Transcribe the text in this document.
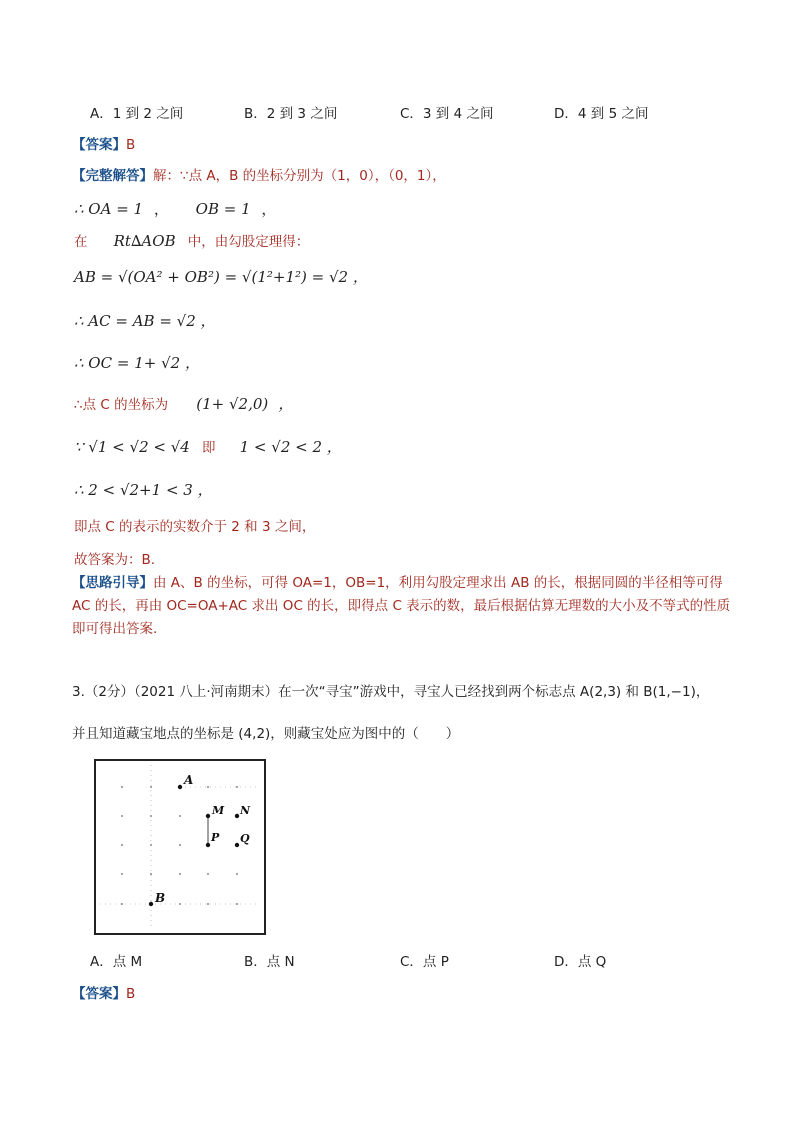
A．1 到 2 之间	B．2 到 3 之间	C．3 到 4 之间	D．4 到 5 之间
【答案】B
【完整解答】解：∵点 A，B 的坐标分别为（1，0），（0，1），
∴ OA = 1 ， OB = 1 ，
在 Rt∆AOB 中，由勾股定理得：
AB = √(OA² + OB²) = √(1²+1²) = √2 ，
∴ AC = AB = √2 ，
∴ OC = 1+ √2 ，
∴点 C 的坐标为 (1+ √2,0) ，
∵ √1 < √2 < √4 即 1 < √2 < 2 ，
∴ 2 < √2+1 < 3 ，
即点 C 的表示的实数介于 2 和 3 之间，
故答案为：B.
【思路引导】由 A、B 的坐标，可得 OA=1，OB=1，利用勾股定理求出 AB 的长，根据同圆的半径相等可得 AC 的长，再由 OC=OA+AC 求出 OC 的长，即得点 C 表示的数，最后根据估算无理数的大小及不等式的性质即可得出答案.
3.（2分）（2021 八上·河南期末）在一次“寻宝”游戏中，寻宝人已经找到两个标志点 A(2,3) 和 B(1,−1)，
并且知道藏宝地点的坐标是 (4,2)，则藏宝处应为图中的（　　）
A
M N
P Q
B
A．点 M	B．点 N	C．点 P	D．点 Q
【答案】B
